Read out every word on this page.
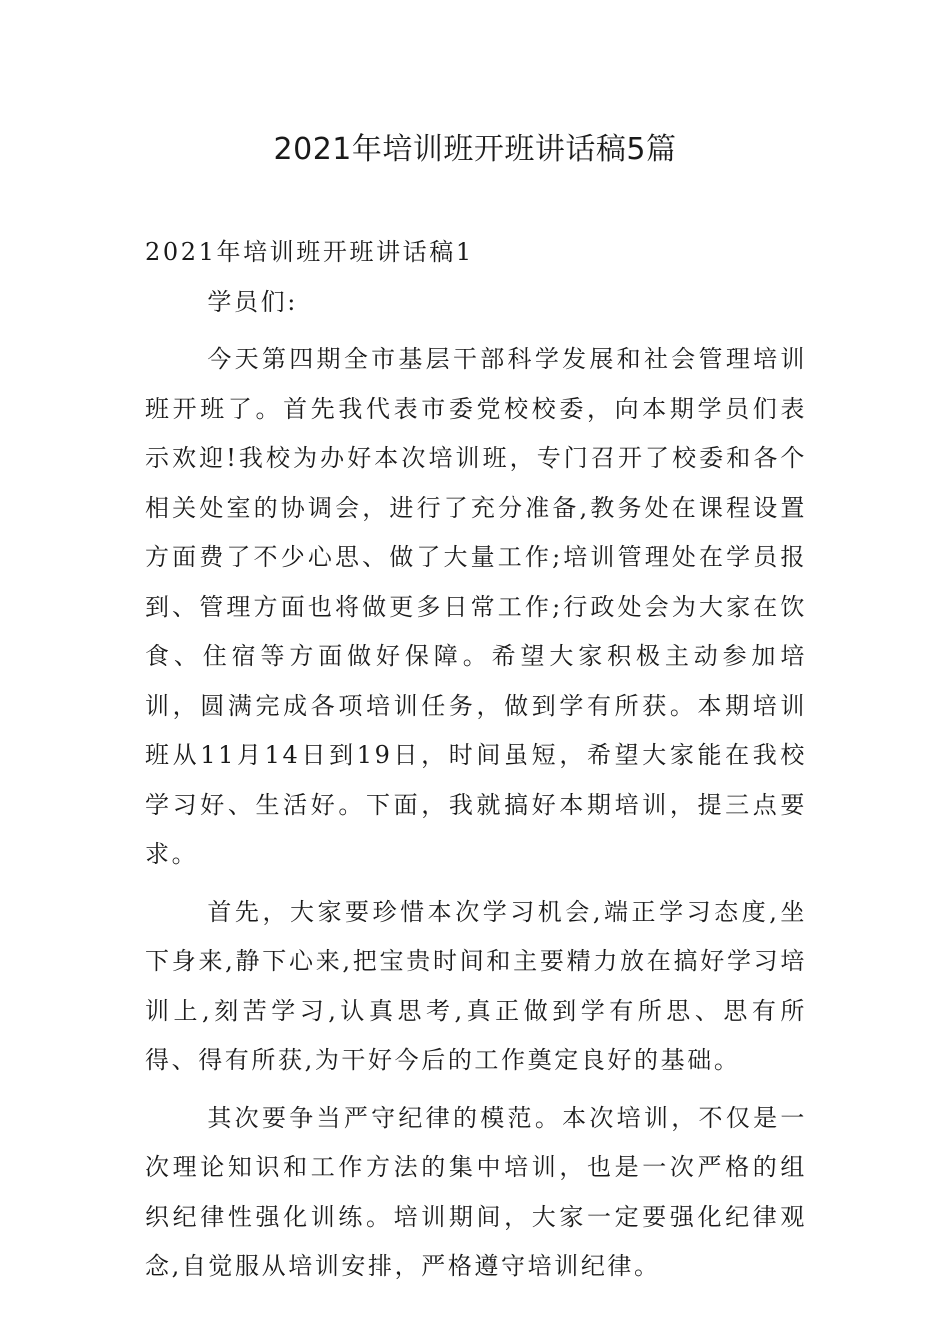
2021年培训班开班讲话稿5篇

2021年培训班开班讲话稿1

学员们:

今天第四期全市基层干部科学发展和社会管理培训班开班了。首先我代表市委党校校委，向本期学员们表示欢迎!我校为办好本次培训班，专门召开了校委和各个相关处室的协调会，进行了充分准备,教务处在课程设置方面费了不少心思、做了大量工作;培训管理处在学员报到、管理方面也将做更多日常工作;行政处会为大家在饮食、住宿等方面做好保障。希望大家积极主动参加培训，圆满完成各项培训任务，做到学有所获。本期培训班从11月14日到19日，时间虽短，希望大家能在我校学习好、生活好。下面，我就搞好本期培训，提三点要求。

首先，大家要珍惜本次学习机会,端正学习态度,坐下身来,静下心来,把宝贵时间和主要精力放在搞好学习培训上,刻苦学习,认真思考,真正做到学有所思、思有所得、得有所获,为干好今后的工作奠定良好的基础。

其次要争当严守纪律的模范。本次培训，不仅是一次理论知识和工作方法的集中培训，也是一次严格的组织纪律性强化训练。培训期间，大家一定要强化纪律观念,自觉服从培训安排，严格遵守培训纪律。
